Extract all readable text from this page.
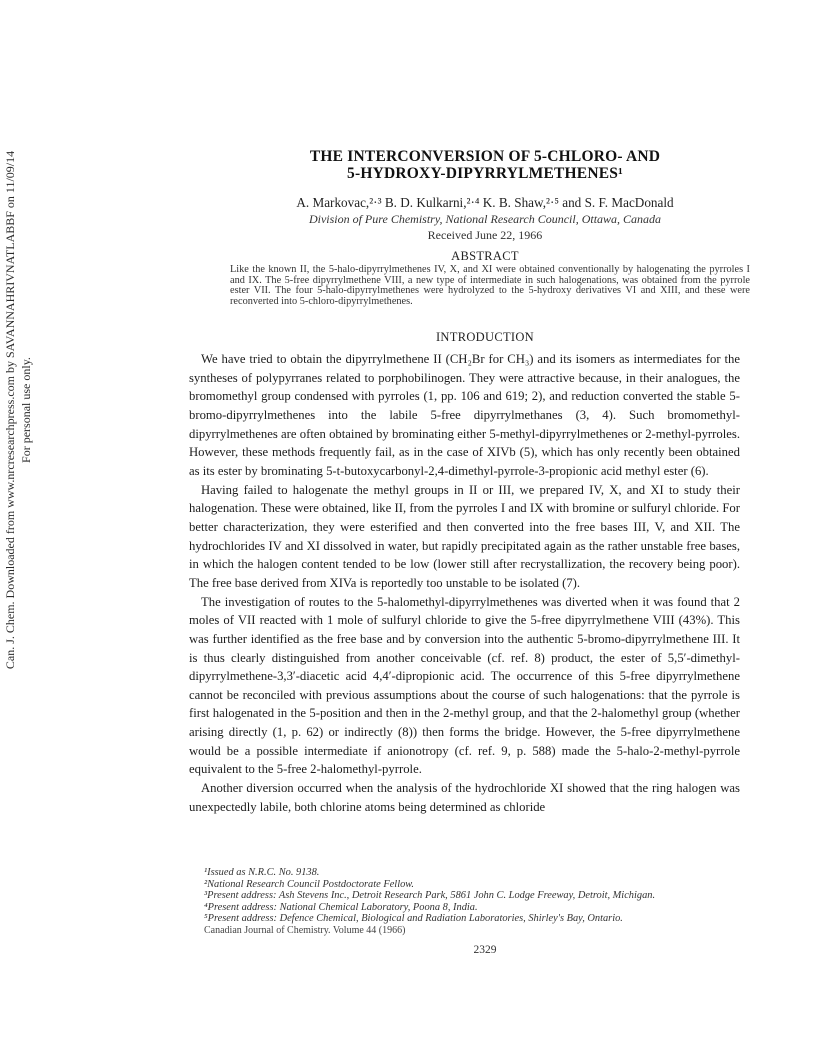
Can. J. Chem. Downloaded from www.nrcresearchpress.com by SAVANNAHRIVNATLABBF on 11/09/14 For personal use only.
THE INTERCONVERSION OF 5-CHLORO- AND
5-HYDROXY-DIPYRRYLMETHENES¹
A. Markovac,²·³ B. D. Kulkarni,²·⁴ K. B. Shaw,²·⁵ and S. F. MacDonald
Division of Pure Chemistry, National Research Council, Ottawa, Canada
Received June 22, 1966
ABSTRACT
Like the known II, the 5-halo-dipyrrylmethenes IV, X, and XI were obtained conventionally by halogenating the pyrroles I and IX. The 5-free dipyrrylmethene VIII, a new type of intermediate in such halogenations, was obtained from the pyrrole ester VII. The four 5-halo-dipyrrylmethenes were hydrolyzed to the 5-hydroxy derivatives VI and XIII, and these were reconverted into 5-chloro-dipyrrylmethenes.
INTRODUCTION

We have tried to obtain the dipyrrylmethene II (CH₂Br for CH₃) and its isomers as intermediates for the syntheses of polypyrranes related to porphobilinogen. They were attractive because, in their analogues, the bromomethyl group condensed with pyrroles (1, pp. 106 and 619; 2), and reduction converted the stable 5-bromo-dipyrrylmethenes into the labile 5-free dipyrrylmethanes (3, 4). Such bromomethyl-dipyrrylmethenes are often obtained by brominating either 5-methyl-dipyrrylmethenes or 2-methyl-pyrroles. However, these methods frequently fail, as in the case of XIVb (5), which has only recently been obtained as its ester by brominating 5-t-butoxycarbonyl-2,4-dimethyl-pyrrole-3-propionic acid methyl ester (6).

Having failed to halogenate the methyl groups in II or III, we prepared IV, X, and XI to study their halogenation. These were obtained, like II, from the pyrroles I and IX with bromine or sulfuryl chloride. For better characterization, they were esterified and then converted into the free bases III, V, and XII. The hydrochlorides IV and XI dissolved in water, but rapidly precipitated again as the rather unstable free bases, in which the halogen content tended to be low (lower still after recrystallization, the recovery being poor). The free base derived from XIVa is reportedly too unstable to be isolated (7).

The investigation of routes to the 5-halomethyl-dipyrrylmethenes was diverted when it was found that 2 moles of VII reacted with 1 mole of sulfuryl chloride to give the 5-free dipyrrylmethene VIII (43%). This was further identified as the free base and by conversion into the authentic 5-bromo-dipyrrylmethene III. It is thus clearly distinguished from another conceivable (cf. ref. 8) product, the ester of 5,5′-dimethyl-dipyrrylmethene-3,3′-diacetic acid 4,4′-dipropionic acid. The occurrence of this 5-free dipyrrylmethene cannot be reconciled with previous assumptions about the course of such halogenations: that the pyrrole is first halogenated in the 5-position and then in the 2-methyl group, and that the 2-halomethyl group (whether arising directly (1, p. 62) or indirectly (8)) then forms the bridge. However, the 5-free dipyrrylmethene would be a possible intermediate if anionotropy (cf. ref. 9, p. 588) made the 5-halo-2-methyl-pyrrole equivalent to the 5-free 2-halomethyl-pyrrole.

Another diversion occurred when the analysis of the hydrochloride XI showed that the ring halogen was unexpectedly labile, both chlorine atoms being determined as chloride

¹Issued as N.R.C. No. 9138.
²National Research Council Postdoctorate Fellow.
³Present address: Ash Stevens Inc., Detroit Research Park, 5861 John C. Lodge Freeway, Detroit, Michigan.
⁴Present address: National Chemical Laboratory, Poona 8, India.
⁵Present address: Defence Chemical, Biological and Radiation Laboratories, Shirley's Bay, Ontario.
Canadian Journal of Chemistry. Volume 44 (1966)
2329
